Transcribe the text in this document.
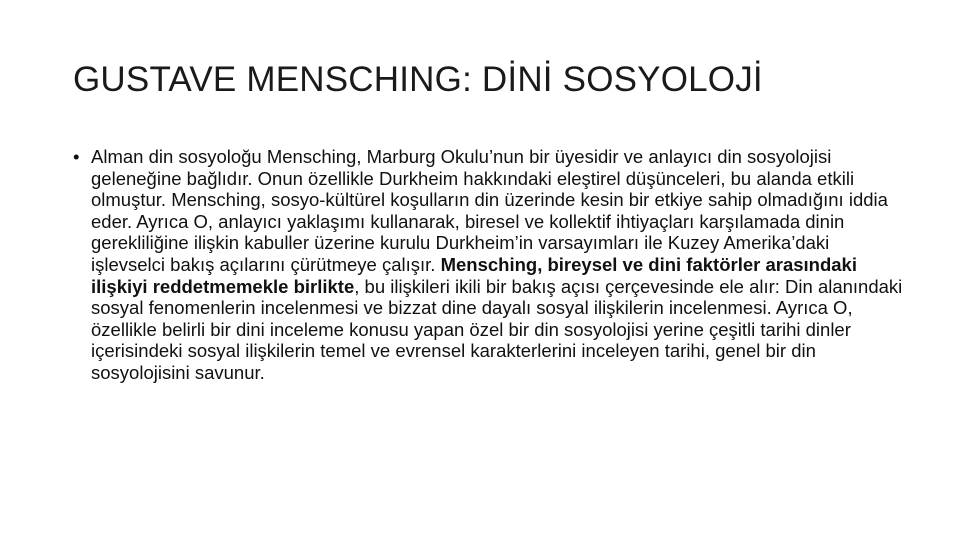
GUSTAVE MENSCHING: DİNİ SOSYOLOJİ
• Alman din sosyoloğu Mensching, Marburg Okulu’nun bir üyesidir ve anlayıcı din sosyolojisi geleneğine bağlıdır. Onun özellikle Durkheim hakkındaki eleştirel düşünceleri, bu alanda etkili olmuştur. Mensching, sosyo-kültürel koşulların din üzerinde kesin bir etkiye sahip olmadığını iddia eder. Ayrıca O, anlayıcı yaklaşımı kullanarak, biresel ve kollektif ihtiyaçları karşılamada dinin gerekliliğine ilişkin kabuller üzerine kurulu Durkheim’in varsayımları ile Kuzey Amerika’daki işlevselci bakış açılarını çürütmeye çalışır. Mensching, bireysel ve dini faktörler arasındaki ilişkiyi reddetmemekle birlikte, bu ilişkileri ikili bir bakış açısı çerçevesinde ele alır: Din alanındaki sosyal fenomenlerin incelenmesi ve bizzat dine dayalı sosyal ilişkilerin incelenmesi. Ayrıca O, özellikle belirli bir dini inceleme konusu yapan özel bir din sosyolojisi yerine çeşitli tarihi dinler içerisindeki sosyal ilişkilerin temel ve evrensel karakterlerini inceleyen tarihi, genel bir din sosyolojisini savunur.
